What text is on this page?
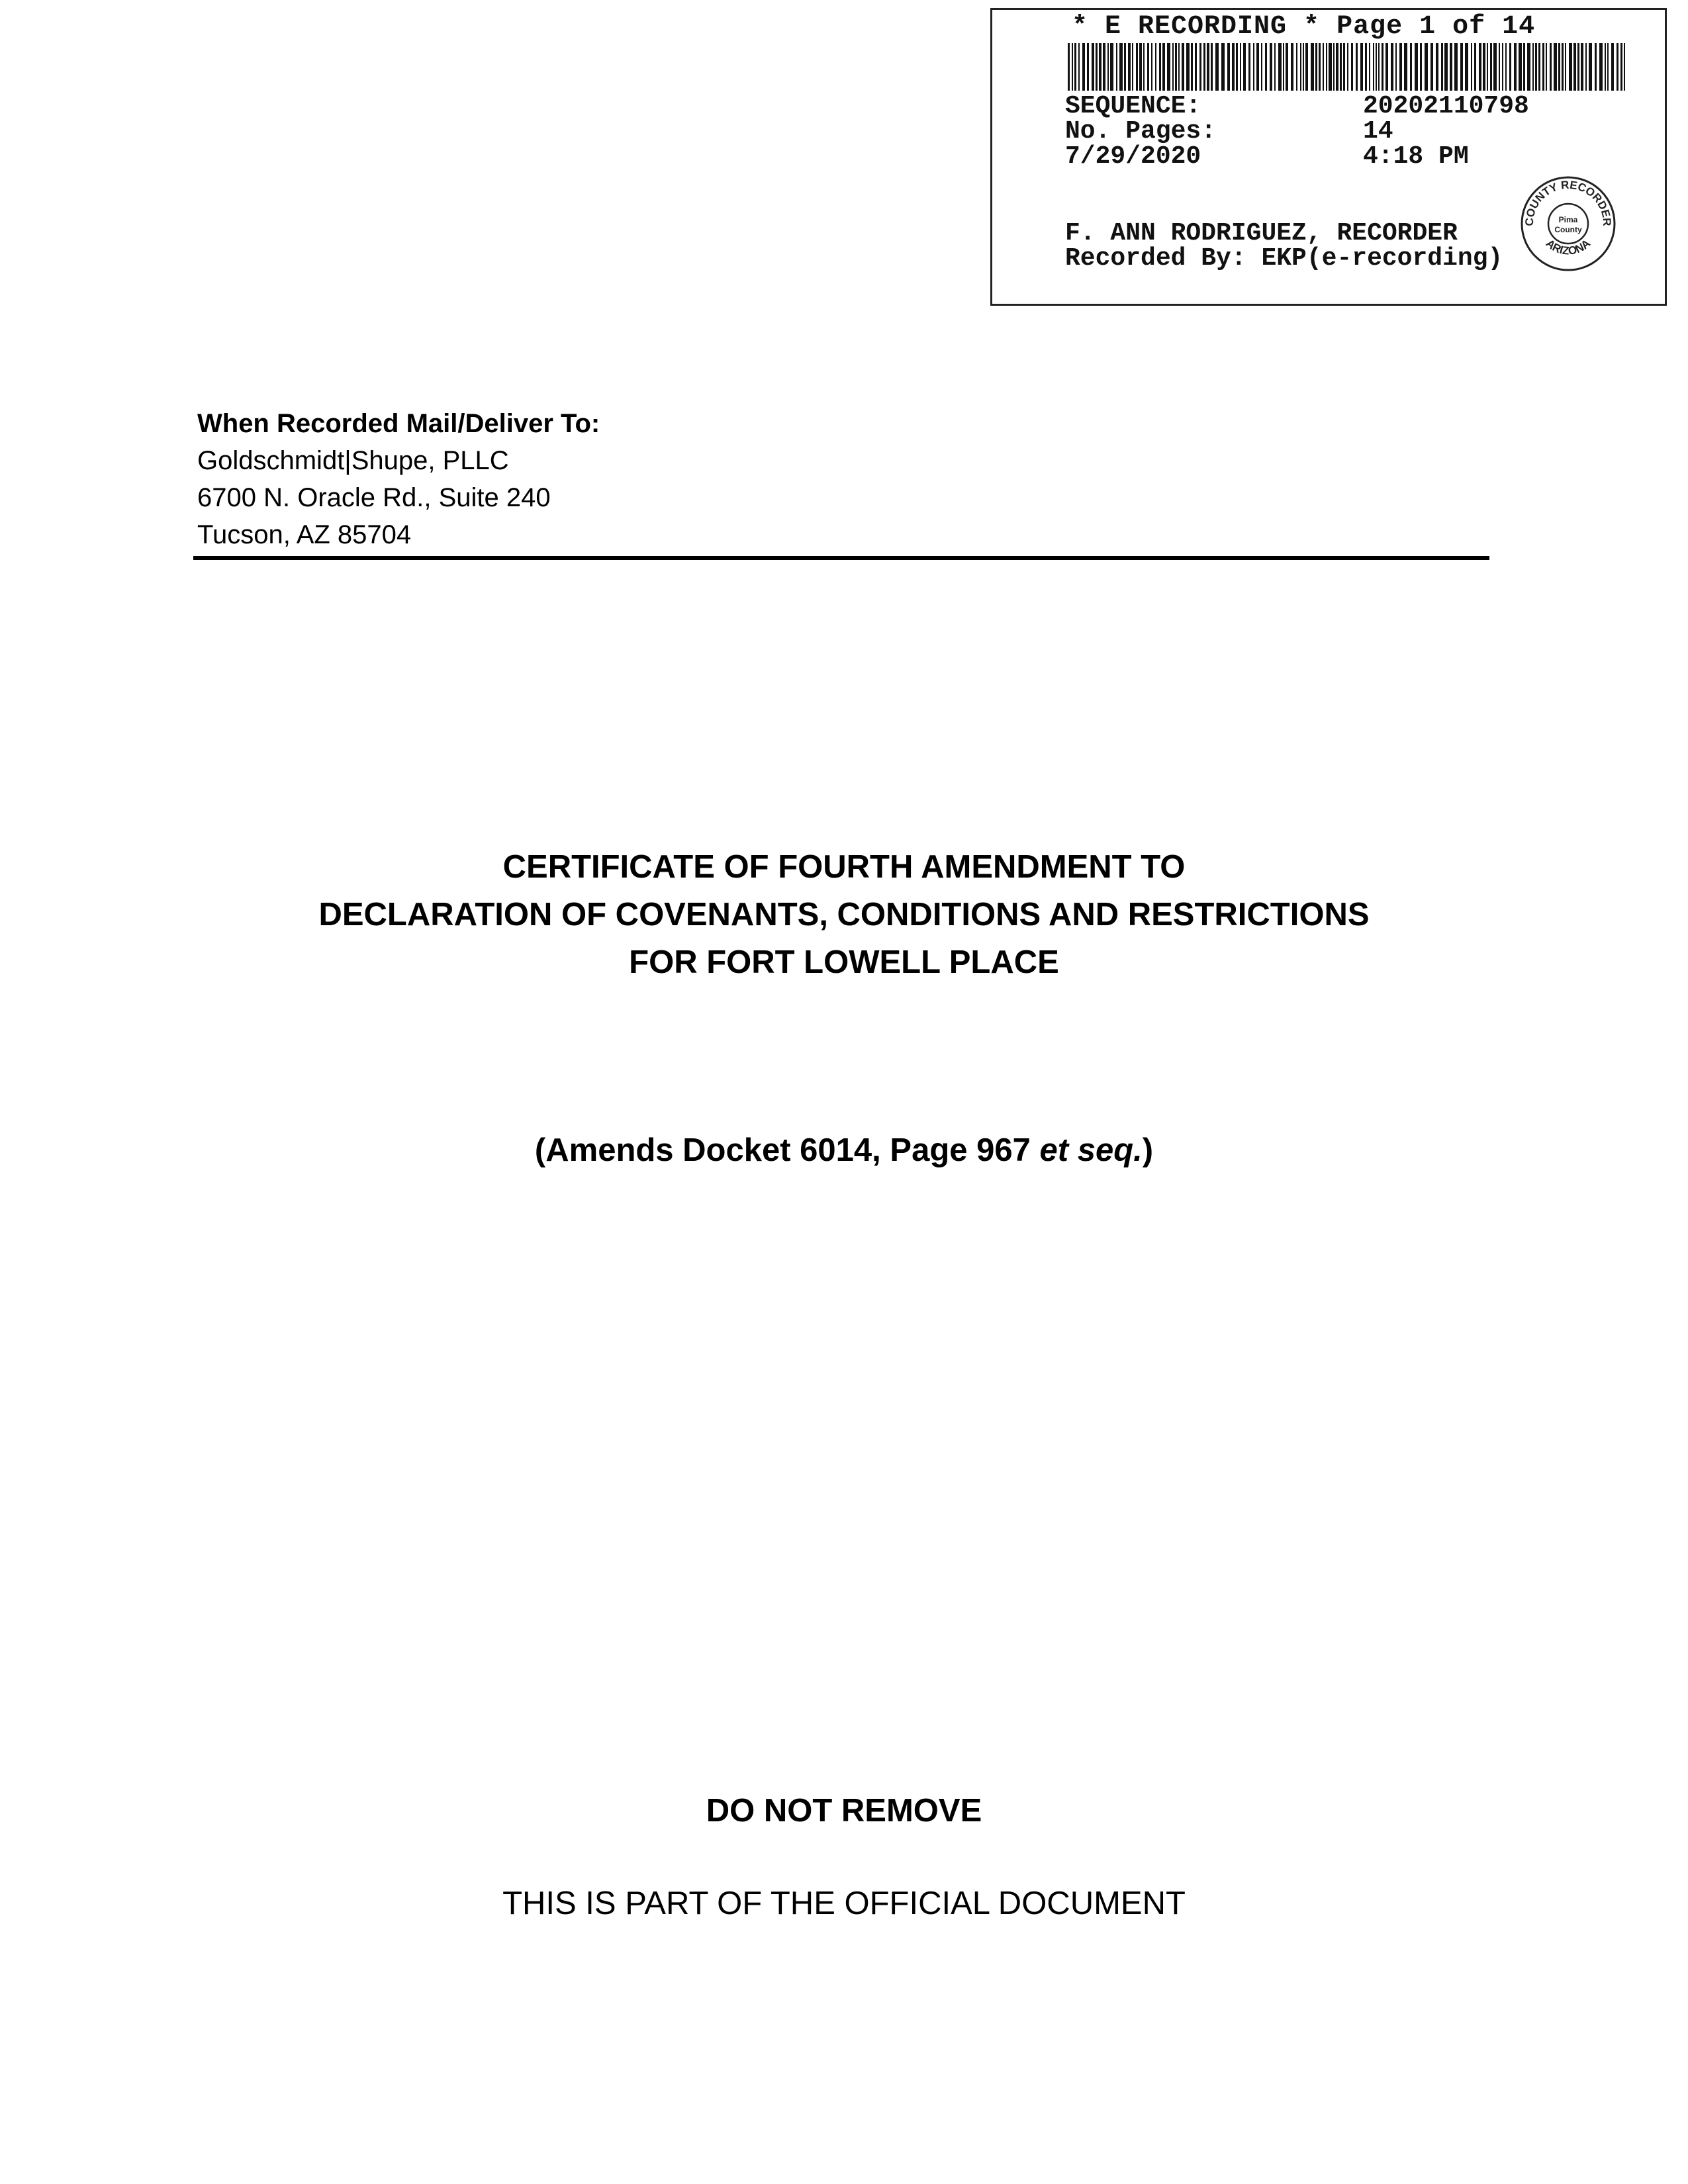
* E RECORDING * Page 1 of 14
SEQUENCE:	20202110798
No. Pages:	14
7/29/2020	4:18 PM
F. ANN RODRIGUEZ, RECORDER
Recorded By: EKP(e-recording)
COUNTY RECORDER
ARIZONA
Pima
County
When Recorded Mail/Deliver To:
Goldschmidt|Shupe, PLLC
6700 N. Oracle Rd., Suite 240
Tucson, AZ 85704
CERTIFICATE OF FOURTH AMENDMENT TO
DECLARATION OF COVENANTS, CONDITIONS AND RESTRICTIONS
FOR FORT LOWELL PLACE
(Amends Docket 6014, Page 967 et seq.)
DO NOT REMOVE
THIS IS PART OF THE OFFICIAL DOCUMENT
